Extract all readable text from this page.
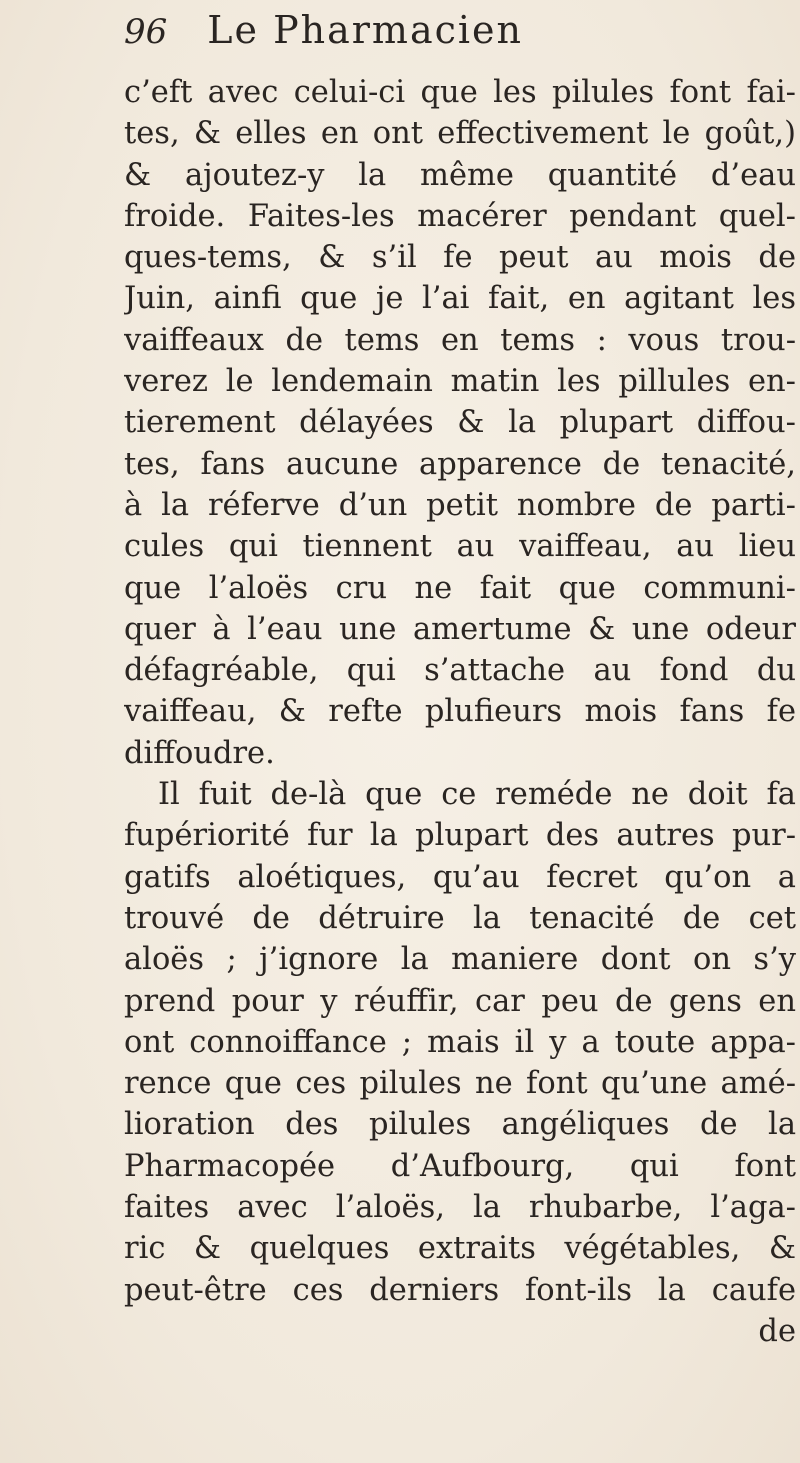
96 Le Pharmacien
c’eft avec celui-ci que les pilules font fai-
tes, & elles en ont effectivement le goût,)
& ajoutez-y la même quantité d’eau
froide. Faites-les macérer pendant quel-
ques-tems, & s’il fe peut au mois de
Juin, ainfi que je l’ai fait, en agitant les
vaiffeaux de tems en tems : vous trou-
verez le lendemain matin les pillules en-
tierement délayées & la plupart diffou-
tes, fans aucune apparence de tenacité,
à la réferve d’un petit nombre de parti-
cules qui tiennent au vaiffeau, au lieu
que l’aloës cru ne fait que communi-
quer à l’eau une amertume & une odeur
défagréable, qui s’attache au fond du
vaiffeau, & refte plufieurs mois fans fe
diffoudre.
Il fuit de-là que ce reméde ne doit fa
fupériorité fur la plupart des autres pur-
gatifs aloétiques, qu’au fecret qu’on a
trouvé de détruire la tenacité de cet
aloës ; j’ignore la maniere dont on s’y
prend pour y réuffir, car peu de gens en
ont connoiffance ; mais il y a toute appa-
rence que ces pilules ne font qu’une amé-
lioration des pilules angéliques de la
Pharmacopée d’Aufbourg, qui font
faites avec l’aloës, la rhubarbe, l’aga-
ric & quelques extraits végétables, &
peut-être ces derniers font-ils la caufe
de
